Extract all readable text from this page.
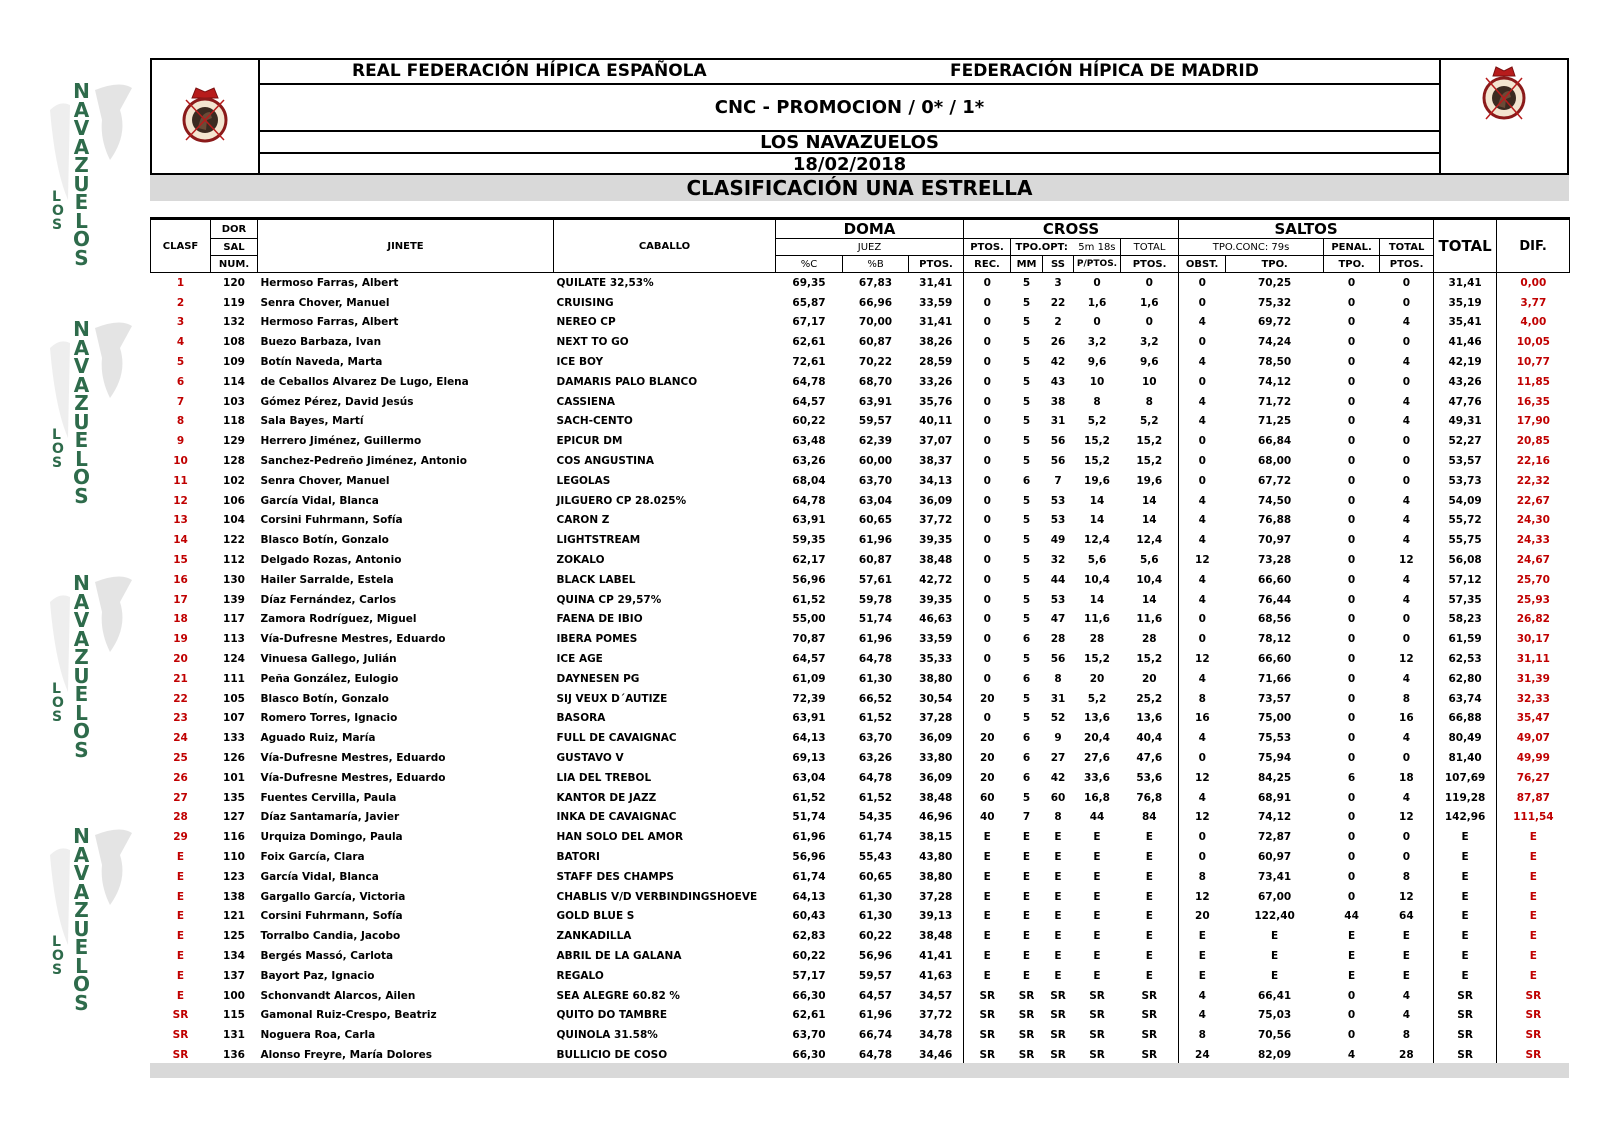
N
A
V
A
Z
U
E
L
O
S
L
O
S
N
A
V
A
Z
U
E
L
O
S
L
O
S
N
A
V
A
Z
U
E
L
O
S
L
O
S
N
A
V
A
Z
U
E
L
O
S
L
O
S
REAL FEDERACIÓN HÍPICA ESPAÑOLA	FEDERACIÓN HÍPICA DE MADRID
CNC - PROMOCION / 0* / 1*
LOS NAVAZUELOS
18/02/2018
CLASIFICACIÓN UNA ESTRELLA
CLASF	DOR	JINETE	CABALLO	DOMA			CROSS					SALTOS				TOTAL	DIF.
	SAL			JUEZ			PTOS.	TPO.OPT: 5m 18s			TOTAL	TPO.CONC: 79s		PENAL.	TOTAL		
	NUM.			%C	%B	PTOS.	REC.	MM	SS	P/PTOS.	PTOS.	OBST.	TPO.	TPO.	PTOS.		
1	120	Hermoso Farras, Albert	QUILATE 32,53%	69,35	67,83	31,41	0	5	3	0	0	0	70,25	0	0	31,41	0,00
2	119	Senra Chover, Manuel	CRUISING	65,87	66,96	33,59	0	5	22	1,6	1,6	0	75,32	0	0	35,19	3,77
3	132	Hermoso Farras, Albert	NEREO CP	67,17	70,00	31,41	0	5	2	0	0	4	69,72	0	4	35,41	4,00
4	108	Buezo Barbaza, Ivan	NEXT TO GO	62,61	60,87	38,26	0	5	26	3,2	3,2	0	74,24	0	0	41,46	10,05
5	109	Botín Naveda, Marta	ICE BOY	72,61	70,22	28,59	0	5	42	9,6	9,6	4	78,50	0	4	42,19	10,77
6	114	de Ceballos Alvarez De Lugo, Elena	DAMARIS PALO BLANCO	64,78	68,70	33,26	0	5	43	10	10	0	74,12	0	0	43,26	11,85
7	103	Gómez Pérez, David Jesús	CASSIENA	64,57	63,91	35,76	0	5	38	8	8	4	71,72	0	4	47,76	16,35
8	118	Sala Bayes, Martí	SACH-CENTO	60,22	59,57	40,11	0	5	31	5,2	5,2	4	71,25	0	4	49,31	17,90
9	129	Herrero Jiménez, Guillermo	EPICUR DM	63,48	62,39	37,07	0	5	56	15,2	15,2	0	66,84	0	0	52,27	20,85
10	128	Sanchez-Pedreño Jiménez, Antonio	COS ANGUSTINA	63,26	60,00	38,37	0	5	56	15,2	15,2	0	68,00	0	0	53,57	22,16
11	102	Senra Chover, Manuel	LEGOLAS	68,04	63,70	34,13	0	6	7	19,6	19,6	0	67,72	0	0	53,73	22,32
12	106	García Vidal, Blanca	JILGUERO CP 28.025%	64,78	63,04	36,09	0	5	53	14	14	4	74,50	0	4	54,09	22,67
13	104	Corsini Fuhrmann, Sofía	CARON Z	63,91	60,65	37,72	0	5	53	14	14	4	76,88	0	4	55,72	24,30
14	122	Blasco Botín, Gonzalo	LIGHTSTREAM	59,35	61,96	39,35	0	5	49	12,4	12,4	4	70,97	0	4	55,75	24,33
15	112	Delgado Rozas, Antonio	ZOKALO	62,17	60,87	38,48	0	5	32	5,6	5,6	12	73,28	0	12	56,08	24,67
16	130	Hailer Sarralde, Estela	BLACK LABEL	56,96	57,61	42,72	0	5	44	10,4	10,4	4	66,60	0	4	57,12	25,70
17	139	Díaz Fernández, Carlos	QUINA CP 29,57%	61,52	59,78	39,35	0	5	53	14	14	4	76,44	0	4	57,35	25,93
18	117	Zamora Rodríguez, Miguel	FAENA DE IBIO	55,00	51,74	46,63	0	5	47	11,6	11,6	0	68,56	0	0	58,23	26,82
19	113	Vía-Dufresne Mestres, Eduardo	IBERA POMES	70,87	61,96	33,59	0	6	28	28	28	0	78,12	0	0	61,59	30,17
20	124	Vinuesa Gallego, Julián	ICE AGE	64,57	64,78	35,33	0	5	56	15,2	15,2	12	66,60	0	12	62,53	31,11
21	111	Peña González, Eulogio	DAYNESEN PG	61,09	61,30	38,80	0	6	8	20	20	4	71,66	0	4	62,80	31,39
22	105	Blasco Botín, Gonzalo	SIJ VEUX D´AUTIZE	72,39	66,52	30,54	20	5	31	5,2	25,2	8	73,57	0	8	63,74	32,33
23	107	Romero Torres, Ignacio	BASORA	63,91	61,52	37,28	0	5	52	13,6	13,6	16	75,00	0	16	66,88	35,47
24	133	Aguado Ruiz, María	FULL DE CAVAIGNAC	64,13	63,70	36,09	20	6	9	20,4	40,4	4	75,53	0	4	80,49	49,07
25	126	Vía-Dufresne Mestres, Eduardo	GUSTAVO V	69,13	63,26	33,80	20	6	27	27,6	47,6	0	75,94	0	0	81,40	49,99
26	101	Vía-Dufresne Mestres, Eduardo	LIA DEL TREBOL	63,04	64,78	36,09	20	6	42	33,6	53,6	12	84,25	6	18	107,69	76,27
27	135	Fuentes Cervilla, Paula	KANTOR DE JAZZ	61,52	61,52	38,48	60	5	60	16,8	76,8	4	68,91	0	4	119,28	87,87
28	127	Díaz Santamaría, Javier	INKA DE CAVAIGNAC	51,74	54,35	46,96	40	7	8	44	84	12	74,12	0	12	142,96	111,54
29	116	Urquiza Domingo, Paula	HAN SOLO DEL AMOR	61,96	61,74	38,15	E	E	E	E	E	0	72,87	0	0	E	E
E	110	Foix García, Clara	BATORI	56,96	55,43	43,80	E	E	E	E	E	0	60,97	0	0	E	E
E	123	García Vidal, Blanca	STAFF DES CHAMPS	61,74	60,65	38,80	E	E	E	E	E	8	73,41	0	8	E	E
E	138	Gargallo García, Victoria	CHABLIS V/D VERBINDINGSHOEVE	64,13	61,30	37,28	E	E	E	E	E	12	67,00	0	12	E	E
E	121	Corsini Fuhrmann, Sofía	GOLD BLUE S	60,43	61,30	39,13	E	E	E	E	E	20	122,40	44	64	E	E
E	125	Torralbo Candia, Jacobo	ZANKADILLA	62,83	60,22	38,48	E	E	E	E	E	E	E	E	E	E	E
E	134	Bergés Massó, Carlota	ABRIL DE LA GALANA	60,22	56,96	41,41	E	E	E	E	E	E	E	E	E	E	E
E	137	Bayort Paz, Ignacio	REGALO	57,17	59,57	41,63	E	E	E	E	E	E	E	E	E	E	E
E	100	Schonvandt Alarcos, Ailen	SEA ALEGRE 60.82 %	66,30	64,57	34,57	SR	SR	SR	SR	SR	4	66,41	0	4	SR	SR
SR	115	Gamonal Ruiz-Crespo, Beatriz	QUITO DO TAMBRE	62,61	61,96	37,72	SR	SR	SR	SR	SR	4	75,03	0	4	SR	SR
SR	131	Noguera Roa, Carla	QUINOLA 31.58%	63,70	66,74	34,78	SR	SR	SR	SR	SR	8	70,56	0	8	SR	SR
SR	136	Alonso Freyre, María Dolores	BULLICIO DE COSO	66,30	64,78	34,46	SR	SR	SR	SR	SR	24	82,09	4	28	SR	SR
